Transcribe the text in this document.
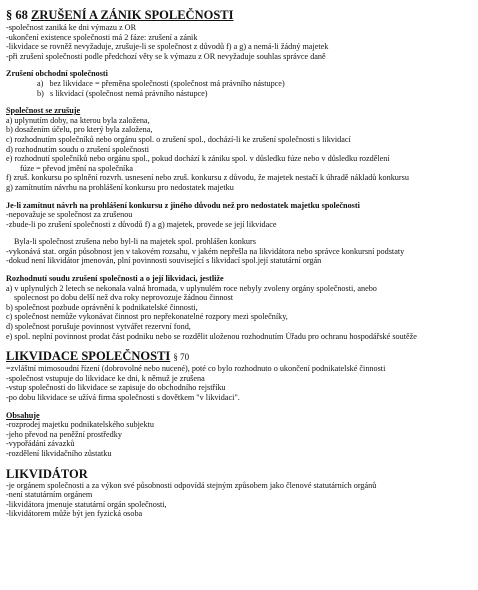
§ 68 ZRUŠENÍ A ZÁNIK SPOLEČNOSTI
-společnost zaniká ke dni výmazu z OR
-ukončení existence společnosti má 2 fáze: zrušení a zánik
-likvidace se rovněž nevyžaduje, zrušuje-li se společnost z důvodů f) a g) a nemá-li žádný majetek
-při zrušení společnosti podle předchozí věty se k výmazu z OR nevyžaduje souhlas správce daně
Zrušení obchodní společnosti
a) bez likvidace = přeměna společnosti (společnost má právního nástupce)
b) s likvidací (společnost nemá právního nástupce)
Společnost se zrušuje
a) uplynutím doby, na kterou byla založena,
b) dosažením účelu, pro který byla založena,
c) rozhodnutím společníků nebo orgánu spol. o zrušení spol., dochází-li ke zrušení společnosti s likvidací
d) rozhodnutím soudu o zrušení společnosti
e) rozhodnutí společníků nebo orgánu spol., pokud dochází k zániku spol. v důsledku fúze nebo v důsledku rozdělení
fúze = převod jmění na společníka
f) zruš. konkursu po splnění rozvrh. usnesení nebo zruš. konkursu z důvodu, že majetek nestačí k úhradě nákladů konkursu
g) zamítnutím návrhu na prohlášení konkursu pro nedostatek majetku
Je-li zamítnut návrh na prohlášení konkursu z jiného důvodu než pro nedostatek majetku společnosti
-nepovažuje se společnost za zrušenou
-zbude-li po zrušení společnosti z důvodů f) a g) majetek, provede se její likvidace
Byla-li společnost zrušena nebo byl-li na majetek spol. prohlášen konkurs
-vykonává stat. orgán působnost jen v takovém rozsahu, v jakém nepřešla na likvidátora nebo správce konkursní podstaty
-dokud není likvidátor jmenován, plní povinnosti související s likvidací spol.její statutární orgán
Rozhodnutí soudu zrušení společnosti a o její likvidaci, jestliže
a) v uplynulých 2 letech se nekonala valná hromada, v uplynulém roce nebyly zvoleny orgány společnosti, anebo
spolecnost po dobu delší než dva roky neprovozuje žádnou činnost
b) společnost pozbude oprávnění k podnikatelské činnosti,
c) společnost nemůže vykonávat činnost pro nepřekonatelné rozpory mezi společníky,
d) společnost porušuje povinnost vytvářet rezervní fond,
e) spol. neplní povinnost prodat část podniku nebo se rozdělit uloženou rozhodnutím Úřadu pro ochranu hospodářské soutěže
LIKVIDACE SPOLEČNOSTI § 70
=zvláštní mimosoudní řízení (dobrovolné nebo nucené), poté co bylo rozhodnuto o ukončení podnikatelské činnosti
-společnost vstupuje do likvidace ke dni, k němuž je zrušena
-vstup společnosti do likvidace se zapisuje do obchodního rejstříku
-po dobu likvidace se užívá firma společnosti s dovětkem "v likvidaci".
Obsahuje
-rozprodej majetku podnikatelského subjektu
-jeho převod na peněžní prostředky
-vypořádání závazků
-rozdělení likvidačního zůstatku
LIKVIDÁTOR
-je orgánem společnosti a za výkon své působnosti odpovídá stejným způsobem jako členové statutárních orgánů
-není statutárním orgánem
-likvidátora jmenuje statutární orgán společnosti,
-likvidátorem může být jen fyzická osoba
